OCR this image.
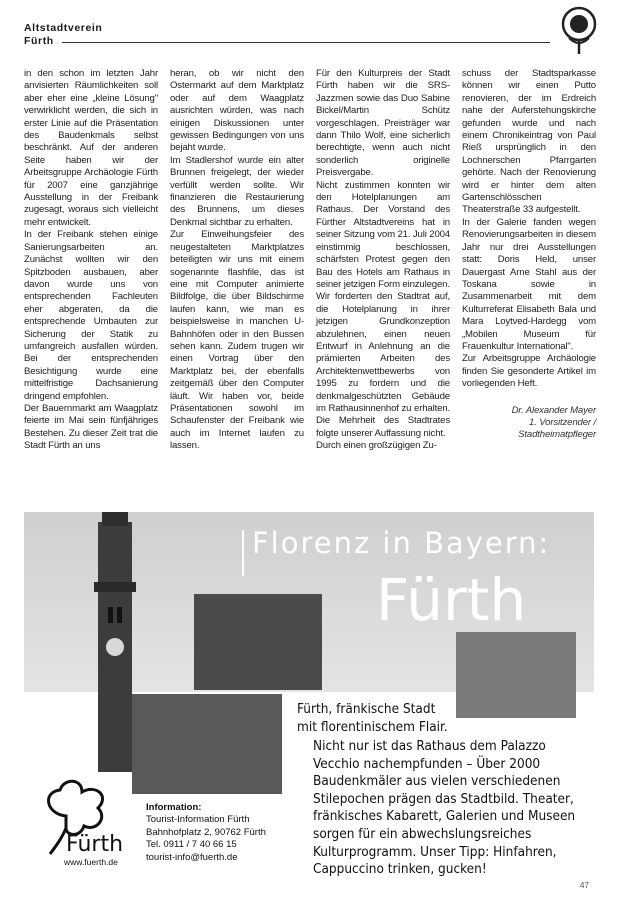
Altstadtverein
Fürth

in den schon im letzten Jahr anvisierten Räumlichkeiten soll aber eher eine „kleine Lösung" verwirklicht werden, die sich in erster Linie auf die Präsentation des Baudenkmals selbst beschränkt. Auf der anderen Seite haben wir der Arbeitsgruppe Archäologie Fürth für 2007 eine ganzjährige Ausstellung in der Freibank zugesagt, woraus sich vielleicht mehr entwickelt.

In der Freibank stehen einige Sanierungsarbeiten an. Zunächst wollten wir den Spitzboden ausbauen, aber davon wurde uns von entsprechenden Fachleuten eher abgeraten, da die entsprechende Umbauten zur Sicherung der Statik zu umfangreich ausfallen würden. Bei der entsprechenden Besichtigung wurde eine mittelfristige Dachsanierung dringend empfohlen.

Der Bauernmarkt am Waagplatz feierte im Mai sein fünfjähriges Bestehen. Zu dieser Zeit trat die Stadt Fürth an uns

heran, ob wir nicht den Ostermarkt auf dem Marktplatz oder auf dem Waagplatz ausrichten würden, was nach einigen Diskussionen unter gewissen Bedingungen von uns bejaht wurde.

Im Stadlershof wurde ein alter Brunnen freigelegt, der wieder verfüllt werden sollte. Wir finanzieren die Restaurierung des Brunnens, um dieses Denkmal sichtbar zu erhalten.

Zur Einweihungsfeier des neugestalteten Marktplatzes beteiligten wir uns mit einem sogenannte flashfile, das ist eine mit Computer animierte Bildfolge, die über Bildschirme laufen kann, wie man es beispielsweise in manchen U-Bahnhöfen oder in den Bussen sehen kann. Zudem trugen wir einen Vortrag über den Marktplatz bei, der ebenfalls zeitgemäß über den Computer läuft. Wir haben vor, beide Präsentationen sowohl im Schaufenster der Freibank wie auch im Internet laufen zu lassen.

Für den Kulturpreis der Stadt Fürth haben wir die SRS-Jazzmen sowie das Duo Sabine Bickel/Martin Schütz vorgeschlagen. Preisträger war dann Thilo Wolf, eine sicherlich berechtigte, wenn auch nicht sonderlich originelle Preisvergabe.

Nicht zustimmen konnten wir den Hotelplanungen am Rathaus. Der Vorstand des Fürther Altstadtvereins hat in seiner Sitzung vom 21. Juli 2004 einstimmig beschlossen, schärfsten Protest gegen den Bau des Hotels am Rathaus in seiner jetzigen Form einzulegen.

Wir forderten den Stadtrat auf, die Hotelplanung in ihrer jetzigen Grundkonzeption abzulehnen, einen neuen Entwurf in Anlehnung an die prämierten Arbeiten des Architektenwettbewerbs von 1995 zu fordern und die denkmalgeschützten Gebäude im Rathausinnenhof zu erhalten. Die Mehrheit des Stadtrates folgte unserer Auffassung nicht.

Durch einen großzügigen Zu-

schuss der Stadtsparkasse können wir einen Putto renovieren, der im Erdreich nahe der Auferstehungskirche gefunden wurde und nach einem Chronikeintrag von Paul Rieß ursprünglich in den Lochnerschen Pfarrgarten gehörte. Nach der Renovierung wird er hinter dem alten Gartenschlösschen Theaterstraße 33 aufgestellt.

In der Galerie fanden wegen Renovierungsarbeiten in diesem Jahr nur drei Ausstellungen statt: Doris Held, unser Dauergast Arne Stahl aus der Toskana sowie in Zusammenarbeit mit dem Kulturreferat Elisabeth Bala und Mara Loytved-Hardegg vom „Mobilen Museum für Frauenkultur International".

Zur Arbeitsgruppe Archäologie finden Sie gesonderte Artikel im vorliegenden Heft.

Dr. Alexander Mayer

1. Vorsitzender / Stadtheimatpfleger

Florenz in Bayern:
Fürth
Fürth, fränkische Stadt
mit florentinischem Flair.
Nicht nur ist das Rathaus dem Palazzo Vecchio nachempfunden – Über 2000 Baudenkmäler aus vielen verschiedenen Stilepochen prägen das Stadtbild. Theater, fränkisches Kabarett, Galerien und Museen sorgen für ein abwechslungsreiches Kulturprogramm. Unser Tipp: Hinfahren, Cappuccino trinken, gucken!
Fürth
www.fuerth.de
Information:
Tourist-Information Fürth
Bahnhofplatz 2, 90762 Fürth
Tel. 0911 / 7 40 66 15
tourist-info@fuerth.de
47
